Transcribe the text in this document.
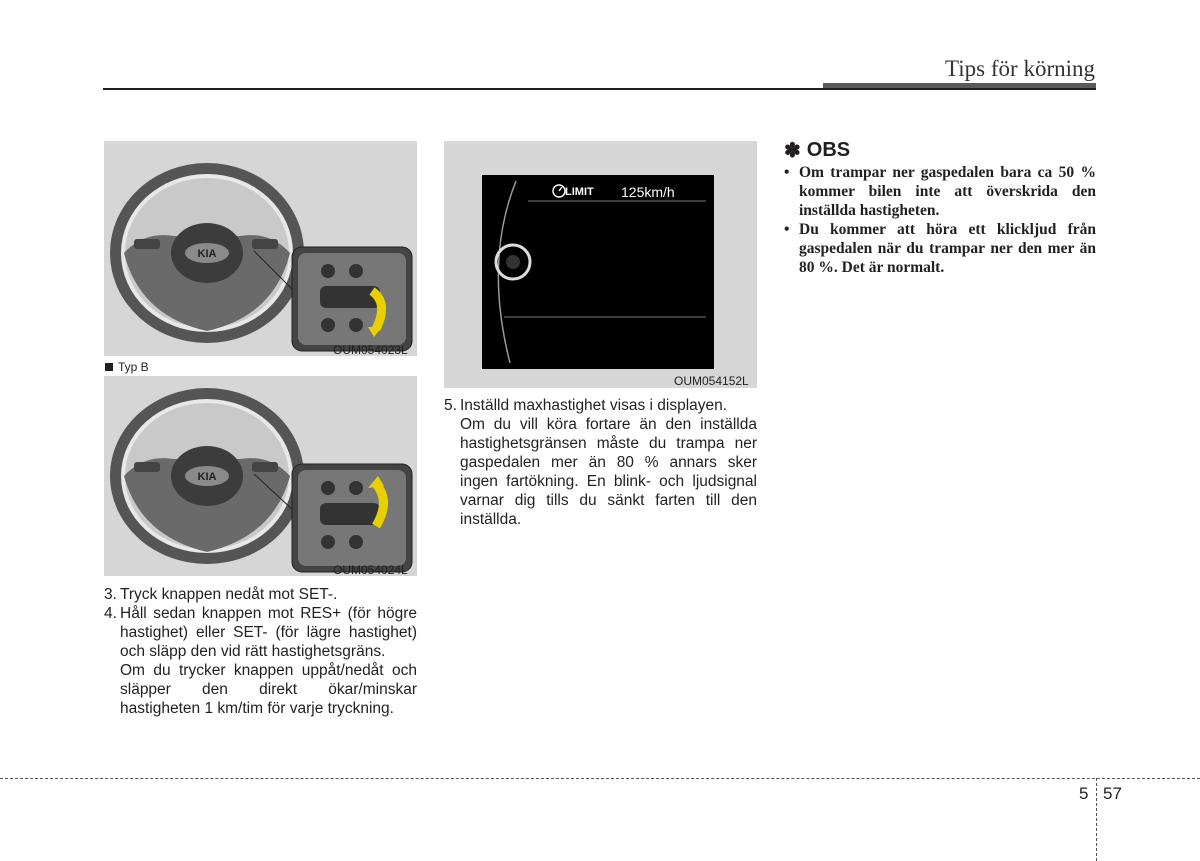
Tips för körning
KIA
OUM054023L
Typ B
KIA
OUM054024L
3. Tryck knappen nedåt mot SET-.
4. Håll sedan knappen mot RES+ (för högre hastighet) eller SET- (för lägre hastighet) och släpp den vid rätt hastighetsgräns.
Om du trycker knappen uppåt/nedåt och släpper den direkt ökar/minskar hastigheten 1 km/tim för varje tryckning.
LIMIT 125km/h
OUM054152L
5. Inställd maxhastighet visas i displayen.
Om du vill köra fortare än den inställda hastighetsgränsen måste du trampa ner gaspedalen mer än 80 % annars sker ingen fartökning. En blink- och ljudsignal varnar dig tills du sänkt farten till den inställda.
✽ OBS
• Om trampar ner gaspedalen bara ca 50 % kommer bilen inte att överskrida den inställda hastigheten.
• Du kommer att höra ett klickljud från gaspedalen när du trampar ner den mer än 80 %. Det är normalt.
5 57
